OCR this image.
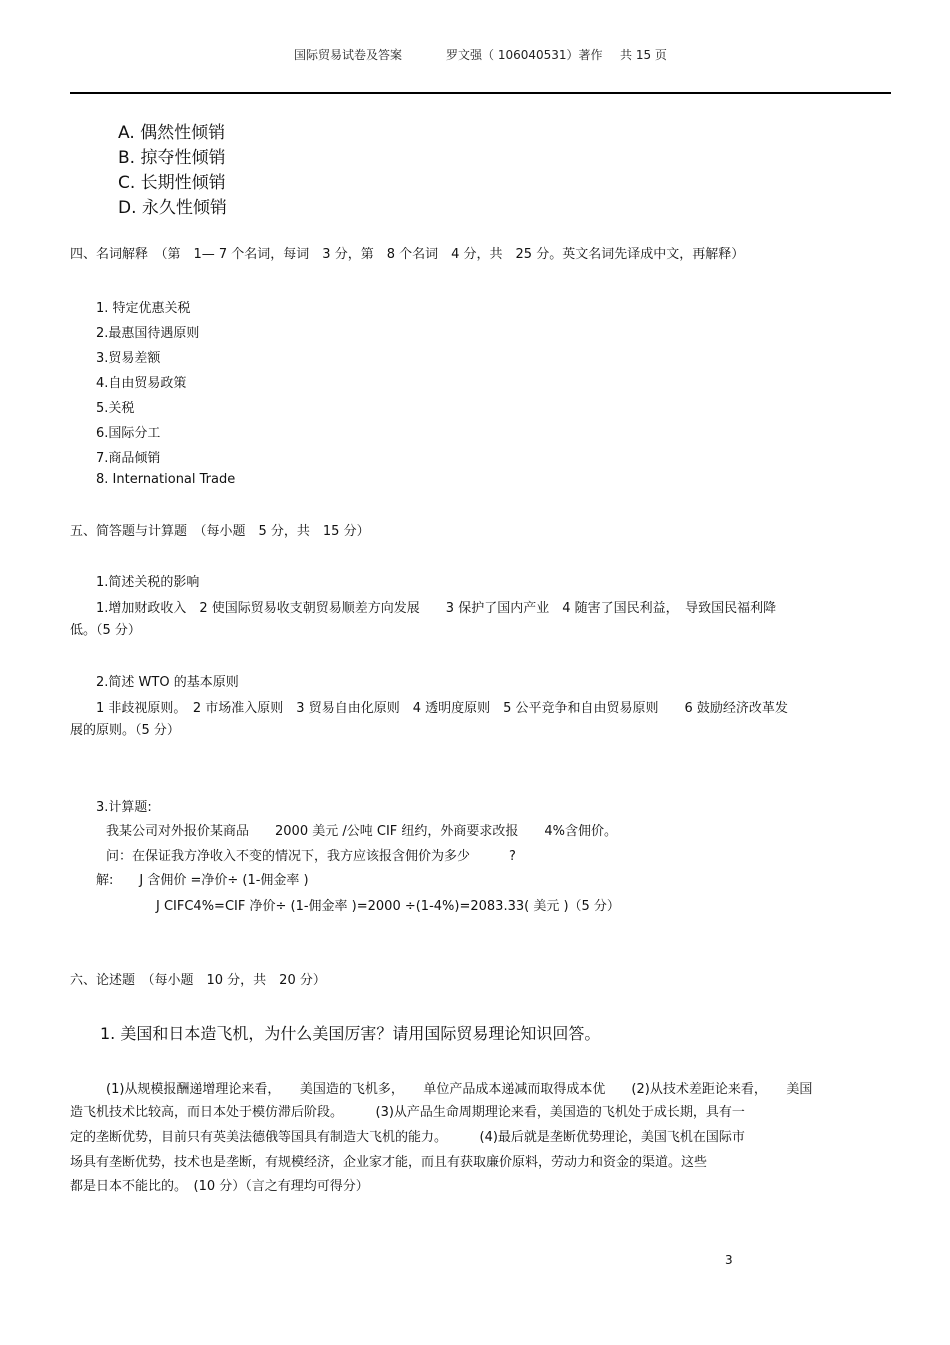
国际贸易试卷及答案	罗文强（ 106040531）著作 共 15 页
A. 偶然性倾销
B. 掠夺性倾销
C. 长期性倾销
D. 永久性倾销
四、名词解释　（第　1— 7 个名词，每词　3 分，第　8 个名词　4 分，共　25 分。英文名词先译成中文，再解释）
1. 特定优惠关税
2.最惠国待遇原则
3.贸易差额
4.自由贸易政策
5.关税
6.国际分工
7.商品倾销
8. International Trade
五、简答题与计算题　（每小题　5 分，共　15 分）
1.简述关税的影响
1.增加财政收入　2 使国际贸易收支朝贸易顺差方向发展　　3 保护了国内产业　4 随害了国民利益，　导致国民福利降
低。（5 分）
2.简述 WTO 的基本原则
1 非歧视原则。　2 市场准入原则　3 贸易自由化原则　4 透明度原则　5 公平竞争和自由贸易原则　　6 鼓励经济改革发
展的原则。（5 分）
3.计算题:
我某公司对外报价某商品　　2000 美元 /公吨 CIF 纽约，外商要求改报　　4%含佣价。
问：在保证我方净收入不变的情况下，我方应该报含佣价为多少　　　?
解:　　J 含佣价 =净价÷ (1-佣金率 )
J CIFC4%=CIF 净价÷ (1-佣金率 )=2000 ÷(1-4%)=2083.33( 美元 )（5 分）
六、论述题　（每小题　10 分，共　20 分）
1. 美国和日本造飞机，为什么美国厉害？请用国际贸易理论知识回答。
(1)从规模报酬递增理论来看，　　美国造的飞机多，　　单位产品成本递减而取得成本优　　(2)从技术差距论来看，　　美国
造飞机技术比较高，而日本处于模仿滞后阶段。　　　(3)从产品生命周期理论来看，美国造的飞机处于成长期，具有一
定的垄断优势，目前只有英美法德俄等国具有制造大飞机的能力。　　　(4)最后就是垄断优势理论，美国飞机在国际市
场具有垄断优势，技术也是垄断，有规模经济，企业家才能，而且有获取廉价原料，劳动力和资金的渠道。这些
都是日本不能比的。　(10 分）（言之有理均可得分）
3
